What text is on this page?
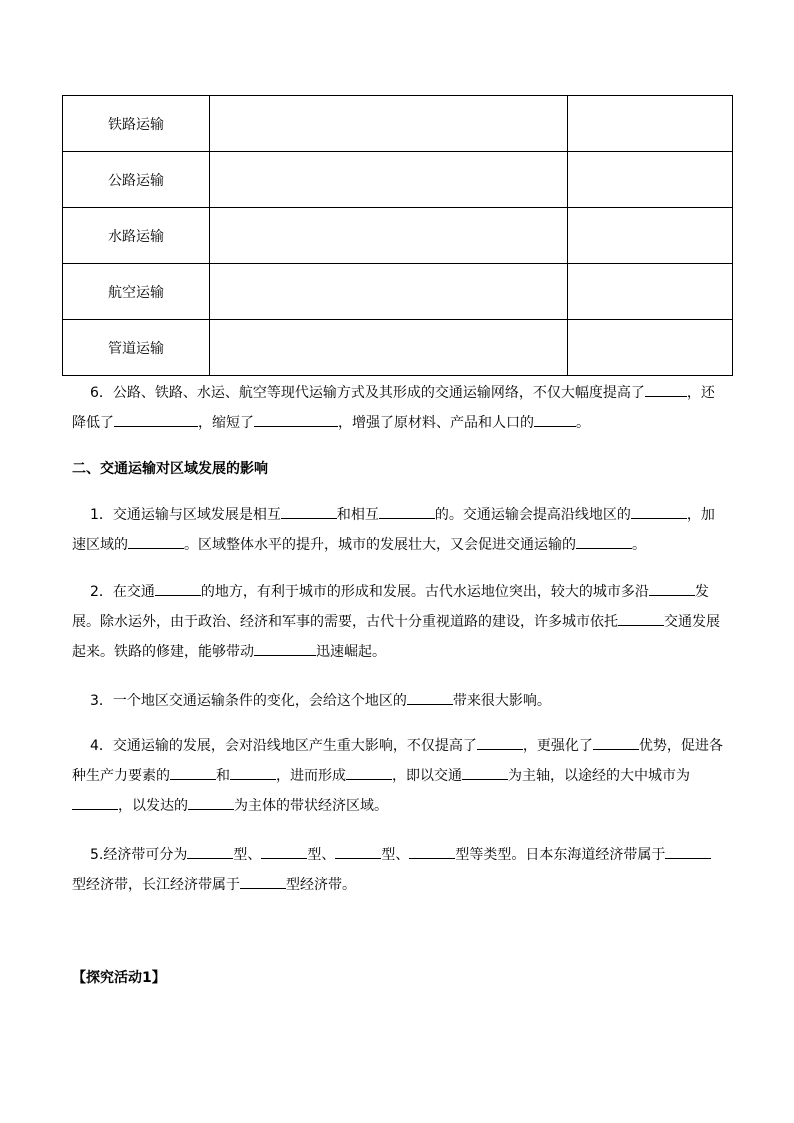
铁路运输		
公路运输		
水路运输		
航空运输		
管道运输		

6．公路、铁路、水运、航空等现代运输方式及其形成的交通运输网络，不仅大幅度提高了	，还降低了	，缩短了	，增强了原材料、产品和人口的	。

二、交通运输对区域发展的影响

1．交通运输与区域发展是相互	和相互	的。交通运输会提高沿线地区的	，加速区域的	。区域整体水平的提升，城市的发展壮大，又会促进交通运输的	。

2．在交通	的地方，有利于城市的形成和发展。古代水运地位突出，较大的城市多沿	发展。除水运外，由于政治、经济和军事的需要，古代十分重视道路的建设，许多城市依托	交通发展起来。铁路的修建，能够带动	迅速崛起。

3．一个地区交通运输条件的变化，会给这个地区的	带来很大影响。

4．交通运输的发展，会对沿线地区产生重大影响，不仅提高了	，更强化了	优势，促进各种生产力要素的	和	，进而形成	，即以交通	为主轴，以途经的大中城市为，以发达的	为主体的带状经济区域。

5.经济带可分为	型、	型、	型、	型等类型。日本东海道经济带属于型经济带，长江经济带属于	型经济带。

【探究活动1】
